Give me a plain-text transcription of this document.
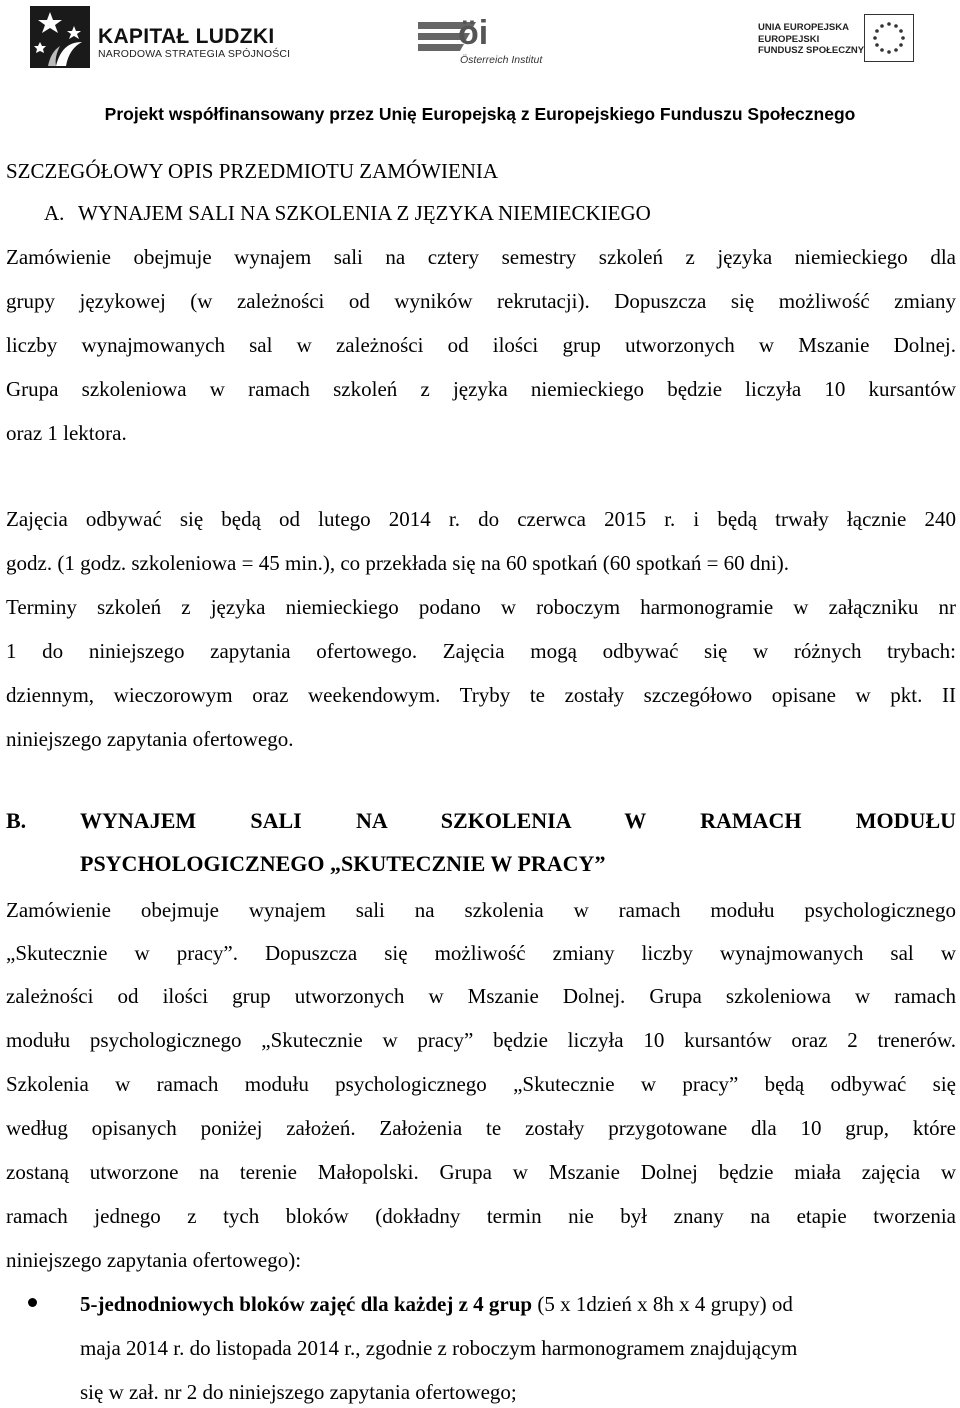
KAPITAŁ LUDZKI
NARODOWA STRATEGIA SPÓJNOŚCI
öi
Österreich Institut
UNIA EUROPEJSKA
EUROPEJSKI
FUNDUSZ SPOŁECZNY
Projekt współfinansowany przez Unię Europejską z Europejskiego Funduszu Społecznego
SZCZEGÓŁOWY OPIS PRZEDMIOTU ZAMÓWIENIA
A. WYNAJEM SALI NA SZKOLENIA Z JĘZYKA NIEMIECKIEGO
Zamówienie obejmuje wynajem sali na cztery semestry szkoleń z języka niemieckiego dla
grupy językowej (w zależności od wyników rekrutacji). Dopuszcza się możliwość zmiany
liczby wynajmowanych sal w zależności od ilości grup utworzonych w Mszanie Dolnej.
Grupa szkoleniowa w ramach szkoleń z języka niemieckiego będzie liczyła 10 kursantów
oraz 1 lektora.
Zajęcia odbywać się będą od lutego 2014 r. do czerwca 2015 r. i będą trwały łącznie 240
godz. (1 godz. szkoleniowa = 45 min.), co przekłada się na 60 spotkań (60 spotkań = 60 dni).
Terminy szkoleń z języka niemieckiego podano w roboczym harmonogramie w załączniku nr
1 do niniejszego zapytania ofertowego. Zajęcia mogą odbywać się w różnych trybach:
dziennym, wieczorowym oraz weekendowym. Tryby te zostały szczegółowo opisane w pkt. II
niniejszego zapytania ofertowego.
B. WYNAJEM SALI NA SZKOLENIA W RAMACH MODUŁU
PSYCHOLOGICZNEGO „SKUTECZNIE W PRACY”
Zamówienie obejmuje wynajem sali na szkolenia w ramach modułu psychologicznego
„Skutecznie w pracy”. Dopuszcza się możliwość zmiany liczby wynajmowanych sal w
zależności od ilości grup utworzonych w Mszanie Dolnej. Grupa szkoleniowa w ramach
modułu psychologicznego „Skutecznie w pracy” będzie liczyła 10 kursantów oraz 2 trenerów.
Szkolenia w ramach modułu psychologicznego „Skutecznie w pracy” będą odbywać się
według opisanych poniżej założeń. Założenia te zostały przygotowane dla 10 grup, które
zostaną utworzone na terenie Małopolski. Grupa w Mszanie Dolnej będzie miała zajęcia w
ramach jednego z tych bloków (dokładny termin nie był znany na etapie tworzenia
niniejszego zapytania ofertowego):
5-jednodniowych bloków zajęć dla każdej z 4 grup (5 x 1dzień x 8h x 4 grupy) od
maja 2014 r. do listopada 2014 r., zgodnie z roboczym harmonogramem znajdującym
się w zał. nr 2 do niniejszego zapytania ofertowego;
